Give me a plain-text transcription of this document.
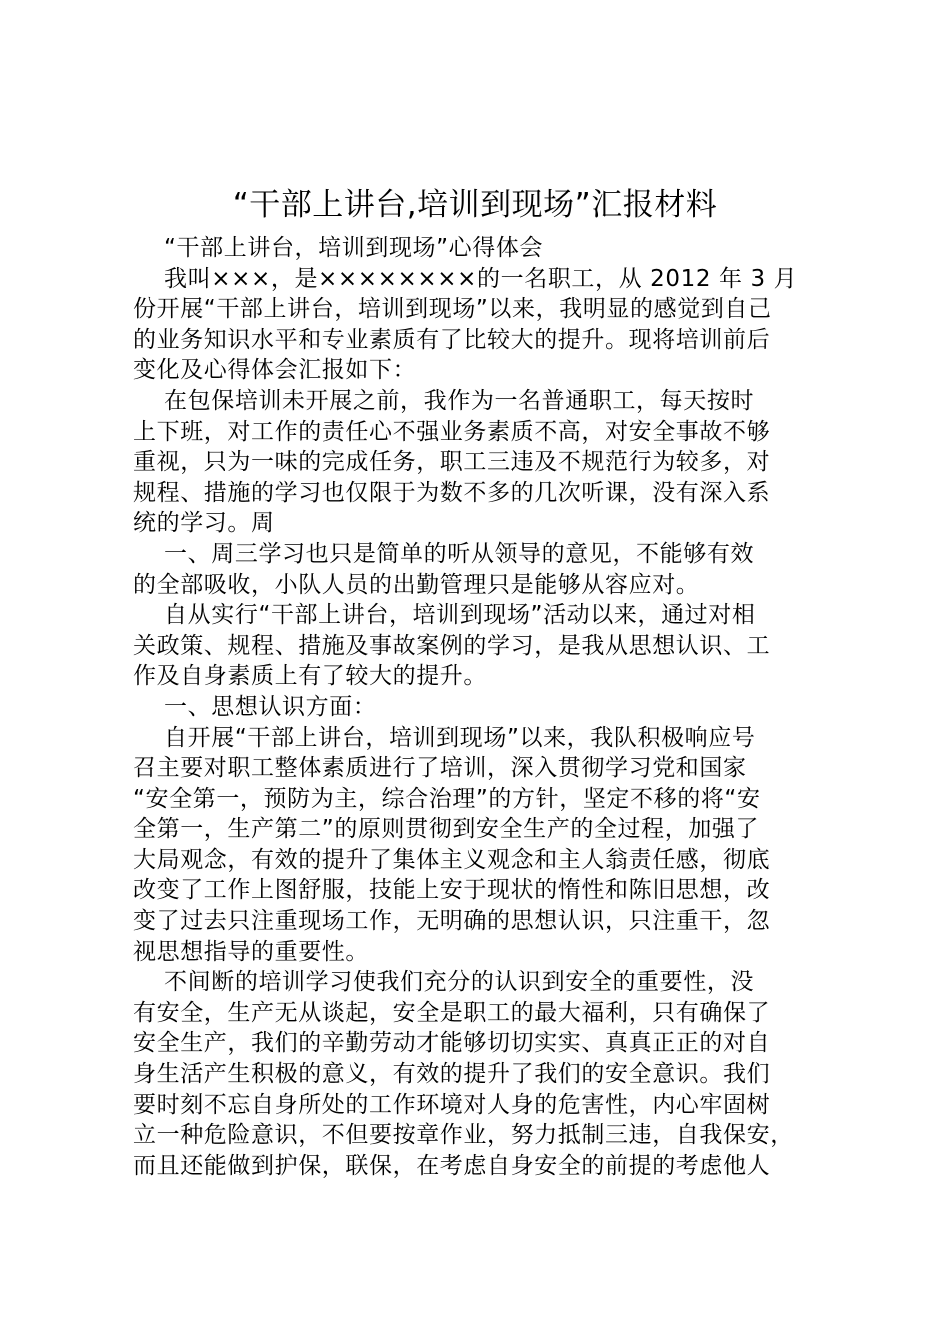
“干部上讲台,培训到现场”汇报材料

“干部上讲台，培训到现场”心得体会

我叫×××，是××××××××的一名职工，从 2012 年 3 月
份开展“干部上讲台，培训到现场”以来，我明显的感觉到自己
的业务知识水平和专业素质有了比较大的提升。现将培训前后
变化及心得体会汇报如下：

在包保培训未开展之前，我作为一名普通职工，每天按时
上下班，对工作的责任心不强业务素质不高，对安全事故不够
重视，只为一味的完成任务，职工三违及不规范行为较多，对
规程、措施的学习也仅限于为数不多的几次听课，没有深入系
统的学习。周

一、周三学习也只是简单的听从领导的意见，不能够有效
的全部吸收，小队人员的出勤管理只是能够从容应对。

自从实行“干部上讲台，培训到现场”活动以来，通过对相
关政策、规程、措施及事故案例的学习，是我从思想认识、工
作及自身素质上有了较大的提升。

一、思想认识方面：

自开展“干部上讲台，培训到现场”以来，我队积极响应号
召主要对职工整体素质进行了培训，深入贯彻学习党和国家
“安全第一，预防为主，综合治理”的方针，坚定不移的将“安
全第一，生产第二”的原则贯彻到安全生产的全过程，加强了
大局观念，有效的提升了集体主义观念和主人翁责任感，彻底
改变了工作上图舒服，技能上安于现状的惰性和陈旧思想，改
变了过去只注重现场工作，无明确的思想认识，只注重干，忽
视思想指导的重要性。

不间断的培训学习使我们充分的认识到安全的重要性，没
有安全，生产无从谈起，安全是职工的最大福利，只有确保了
安全生产，我们的辛勤劳动才能够切切实实、真真正正的对自
身生活产生积极的意义，有效的提升了我们的安全意识。我们
要时刻不忘自身所处的工作环境对人身的危害性，内心牢固树
立一种危险意识，不但要按章作业，努力抵制三违，自我保安，
而且还能做到护保，联保，在考虑自身安全的前提的考虑他人
